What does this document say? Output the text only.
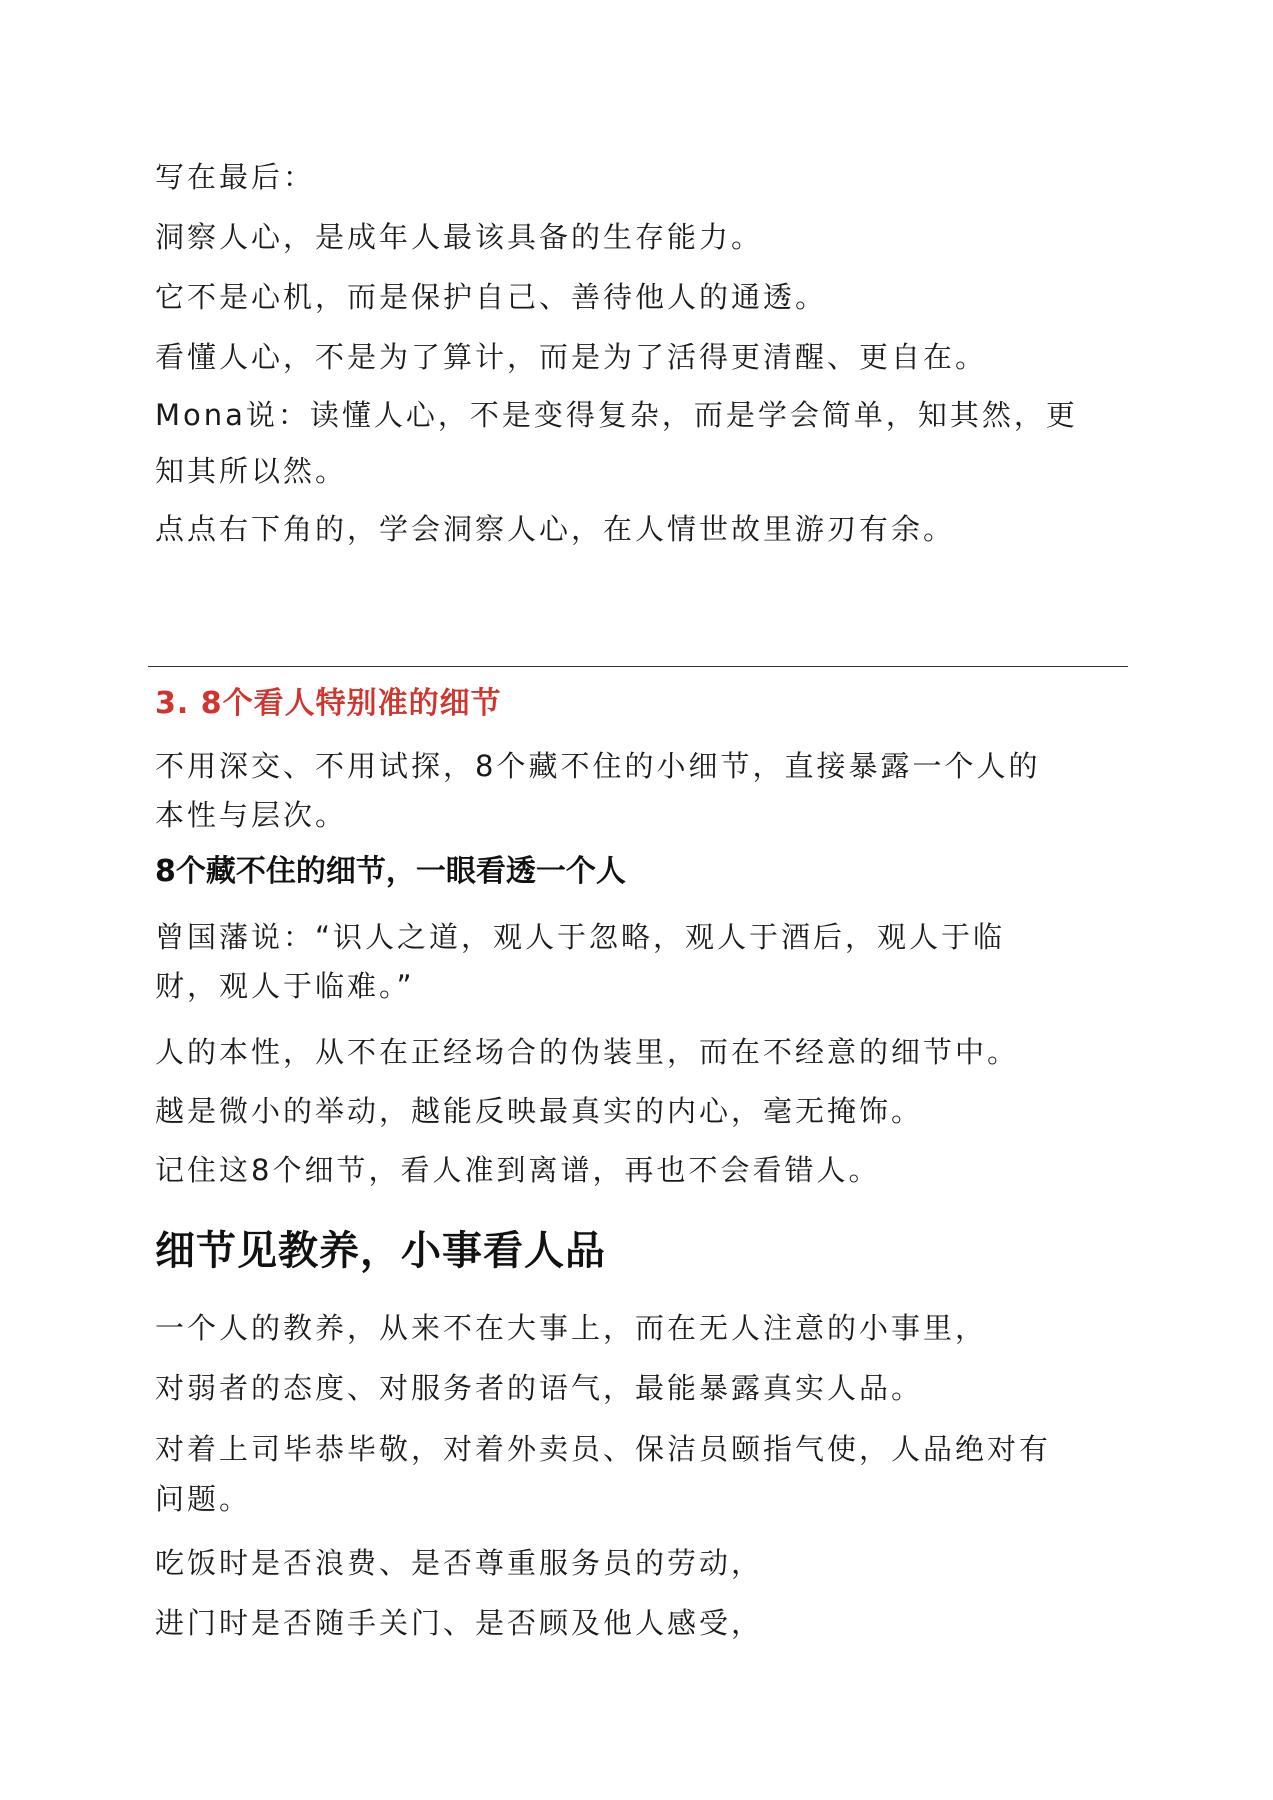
写在最后：
洞察人心，是成年人最该具备的生存能力。
它不是心机，而是保护自己、善待他人的通透。
看懂人心，不是为了算计，而是为了活得更清醒、更自在。
Mona说：读懂人心，不是变得复杂，而是学会简单，知其然，更
知其所以然。
点点右下角的，学会洞察人心，在人情世故里游刃有余。
3. 8个看人特别准的细节
不用深交、不用试探，8个藏不住的小细节，直接暴露一个人的
本性与层次。
8个藏不住的细节，一眼看透一个人
曾国藩说：“识人之道，观人于忽略，观人于酒后，观人于临
财，观人于临难。”
人的本性，从不在正经场合的伪装里，而在不经意的细节中。
越是微小的举动，越能反映最真实的内心，毫无掩饰。
记住这8个细节，看人准到离谱，再也不会看错人。
细节见教养，小事看人品
一个人的教养，从来不在大事上，而在无人注意的小事里，
对弱者的态度、对服务者的语气，最能暴露真实人品。
对着上司毕恭毕敬，对着外卖员、保洁员颐指气使，人品绝对有
问题。
吃饭时是否浪费、是否尊重服务员的劳动，
进门时是否随手关门、是否顾及他人感受，
